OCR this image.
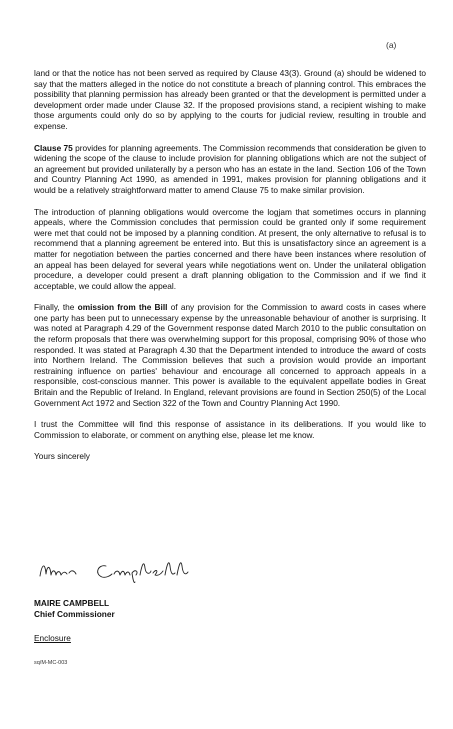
(a)

land or that the notice has not been served as required by Clause 43(3). Ground (a) should be widened to say that the matters alleged in the notice do not constitute a breach of planning control. This embraces the possibility that planning permission has already been granted or that the development is permitted under a development order made under Clause 32. If the proposed provisions stand, a recipient wishing to make those arguments could only do so by applying to the courts for judicial review, resulting in trouble and expense.

Clause 75 provides for planning agreements. The Commission recommends that consideration be given to widening the scope of the clause to include provision for planning obligations which are not the subject of an agreement but provided unilaterally by a person who has an estate in the land. Section 106 of the Town and Country Planning Act 1990, as amended in 1991, makes provision for planning obligations and it would be a relatively straightforward matter to amend Clause 75 to make similar provision.

The introduction of planning obligations would overcome the logjam that sometimes occurs in planning appeals, where the Commission concludes that permission could be granted only if some requirement were met that could not be imposed by a planning condition. At present, the only alternative to refusal is to recommend that a planning agreement be entered into. But this is unsatisfactory since an agreement is a matter for negotiation between the parties concerned and there have been instances where resolution of an appeal has been delayed for several years while negotiations went on. Under the unilateral obligation procedure, a developer could present a draft planning obligation to the Commission and if we find it acceptable, we could allow the appeal.

Finally, the omission from the Bill of any provision for the Commission to award costs in cases where one party has been put to unnecessary expense by the unreasonable behaviour of another is surprising. It was noted at Paragraph 4.29 of the Government response dated March 2010 to the public consultation on the reform proposals that there was overwhelming support for this proposal, comprising 90% of those who responded. It was stated at Paragraph 4.30 that the Department intended to introduce the award of costs into Northern Ireland. The Commission believes that such a provision would provide an important restraining influence on parties' behaviour and encourage all concerned to approach appeals in a responsible, cost-conscious manner. This power is available to the equivalent appellate bodies in Great Britain and the Republic of Ireland. In England, relevant provisions are found in Section 250(5) of the Local Government Act 1972 and Section 322 of the Town and Country Planning Act 1990.

I trust the Committee will find this response of assistance in its deliberations. If you would like to Commission to elaborate, or comment on anything else, please let me know.

Yours sincerely

MAIRE CAMPBELL
Chief Commissioner
Enclosure
sq/M-MC-003
